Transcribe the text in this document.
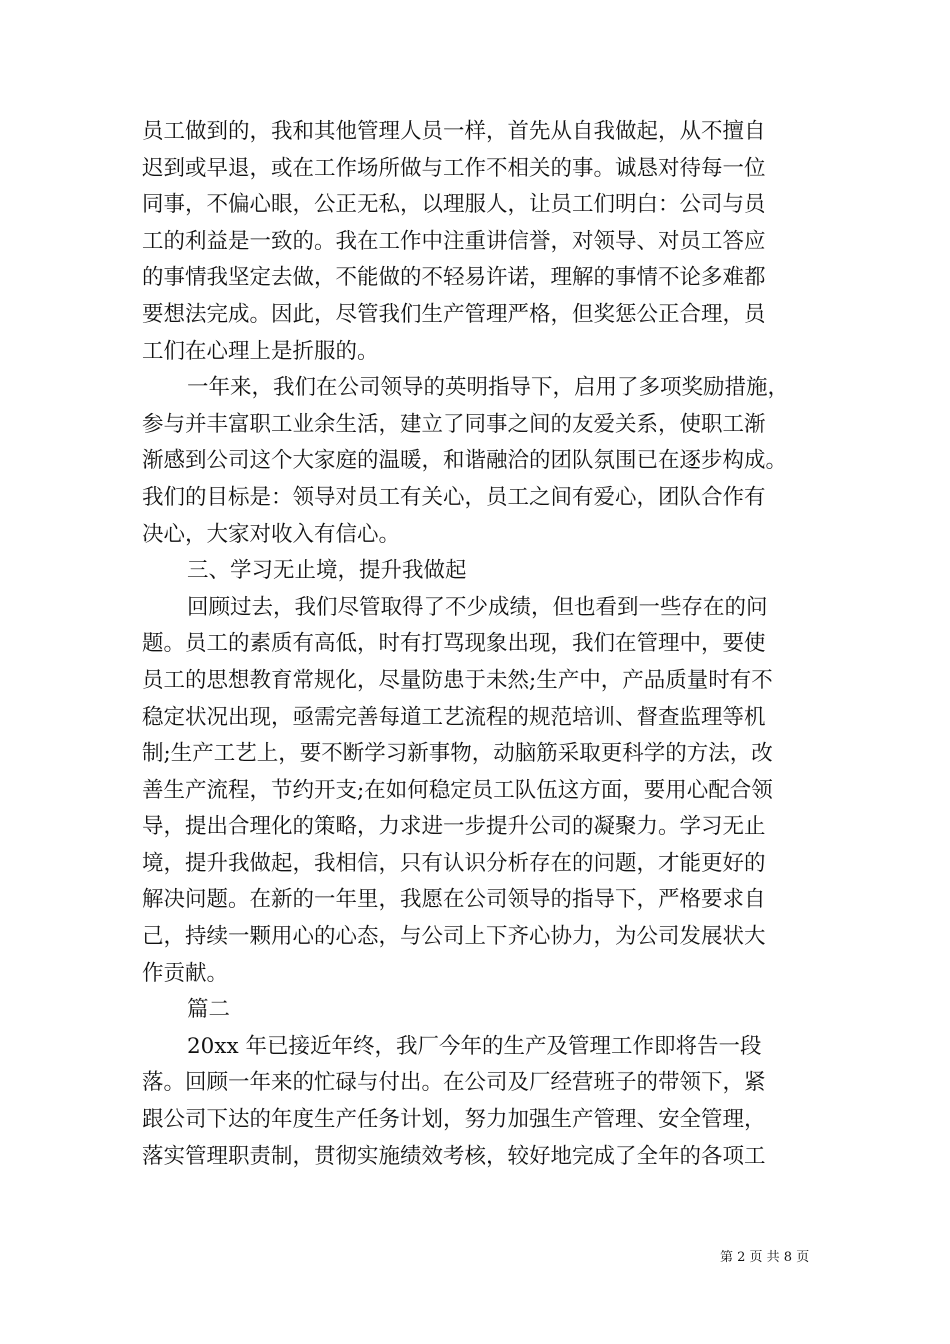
员工做到的，我和其他管理人员一样，首先从自我做起，从不擅自
迟到或早退，或在工作场所做与工作不相关的事。诚恳对待每一位
同事，不偏心眼，公正无私，以理服人，让员工们明白：公司与员
工的利益是一致的。我在工作中注重讲信誉，对领导、对员工答应
的事情我坚定去做，不能做的不轻易许诺，理解的事情不论多难都
要想法完成。因此，尽管我们生产管理严格，但奖惩公正合理，员
工们在心理上是折服的。
一年来，我们在公司领导的英明指导下，启用了多项奖励措施，
参与并丰富职工业余生活，建立了同事之间的友爱关系，使职工渐
渐感到公司这个大家庭的温暖，和谐融洽的团队氛围已在逐步构成。
我们的目标是：领导对员工有关心，员工之间有爱心，团队合作有
决心，大家对收入有信心。
三、学习无止境，提升我做起
回顾过去，我们尽管取得了不少成绩，但也看到一些存在的问
题。员工的素质有高低，时有打骂现象出现，我们在管理中，要使
员工的思想教育常规化，尽量防患于未然;生产中，产品质量时有不
稳定状况出现，亟需完善每道工艺流程的规范培训、督查监理等机
制;生产工艺上，要不断学习新事物，动脑筋采取更科学的方法，改
善生产流程，节约开支;在如何稳定员工队伍这方面，要用心配合领
导，提出合理化的策略，力求进一步提升公司的凝聚力。学习无止
境，提升我做起，我相信，只有认识分析存在的问题，才能更好的
解决问题。在新的一年里，我愿在公司领导的指导下，严格要求自
己，持续一颗用心的心态，与公司上下齐心协力，为公司发展状大
作贡献。
篇二
20xx 年已接近年终，我厂今年的生产及管理工作即将告一段
落。回顾一年来的忙碌与付出。在公司及厂经营班子的带领下，紧
跟公司下达的年度生产任务计划，努力加强生产管理、安全管理，
落实管理职责制，贯彻实施绩效考核，较好地完成了全年的各项工
第 2 页 共 8 页
